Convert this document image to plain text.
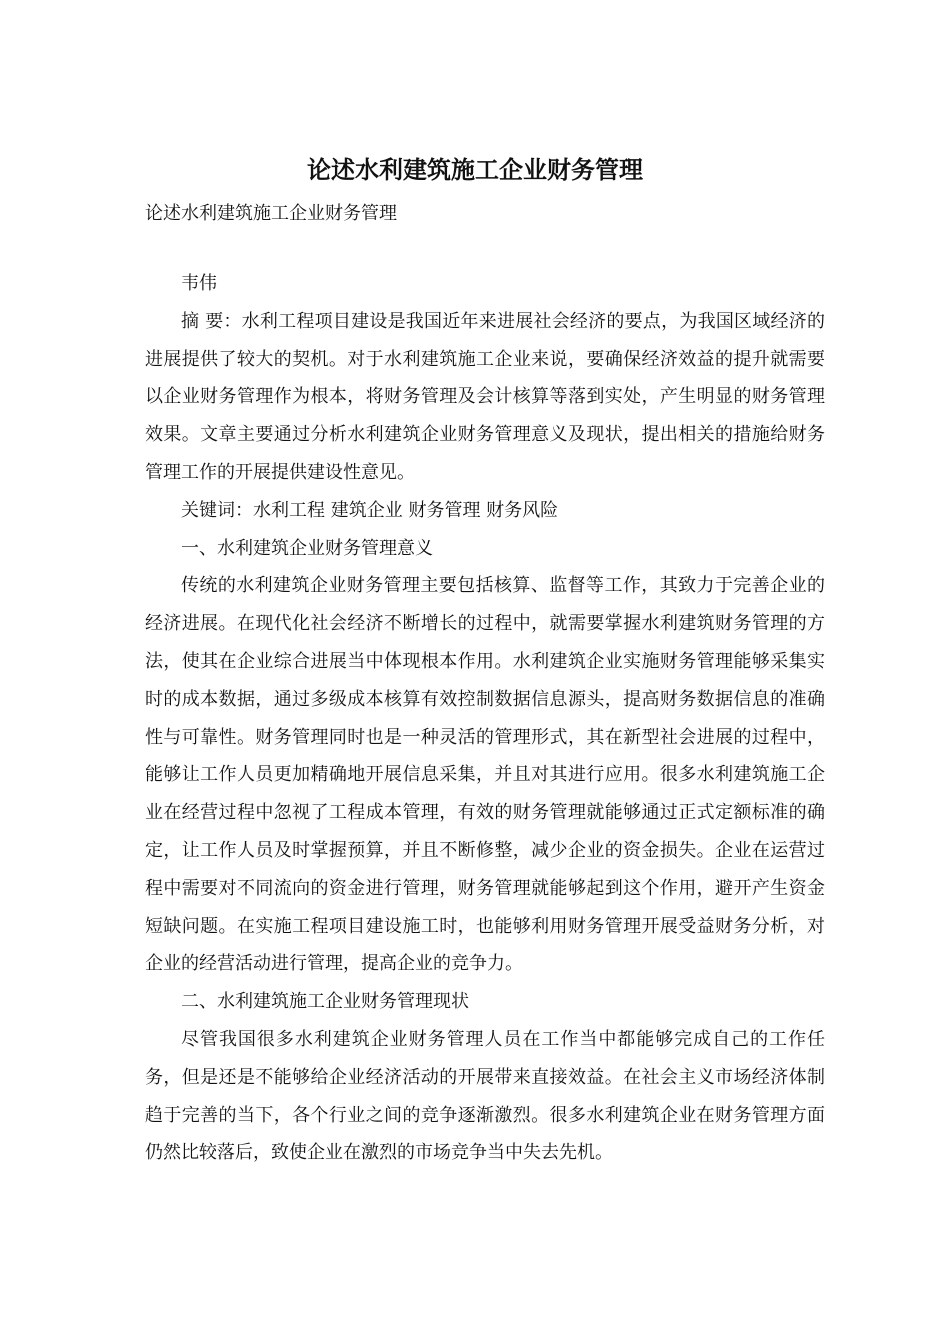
论述水利建筑施工企业财务管理
论述水利建筑施工企业财务管理

韦伟

摘 要：水利工程项目建设是我国近年来进展社会经济的要点，为我国区域经济的进展提供了较大的契机。对于水利建筑施工企业来说，要确保经济效益的提升就需要以企业财务管理作为根本，将财务管理及会计核算等落到实处，产生明显的财务管理效果。文章主要通过分析水利建筑企业财务管理意义及现状，提出相关的措施给财务管理工作的开展提供建设性意见。

关键词：水利工程 建筑企业 财务管理 财务风险

一、水利建筑企业财务管理意义

传统的水利建筑企业财务管理主要包括核算、监督等工作，其致力于完善企业的经济进展。在现代化社会经济不断增长的过程中，就需要掌握水利建筑财务管理的方法，使其在企业综合进展当中体现根本作用。水利建筑企业实施财务管理能够采集实时的成本数据，通过多级成本核算有效控制数据信息源头，提高财务数据信息的准确性与可靠性。财务管理同时也是一种灵活的管理形式，其在新型社会进展的过程中，能够让工作人员更加精确地开展信息采集，并且对其进行应用。很多水利建筑施工企业在经营过程中忽视了工程成本管理，有效的财务管理就能够通过正式定额标准的确定，让工作人员及时掌握预算，并且不断修整，减少企业的资金损失。企业在运营过程中需要对不同流向的资金进行管理，财务管理就能够起到这个作用，避开产生资金短缺问题。在实施工程项目建设施工时，也能够利用财务管理开展受益财务分析，对企业的经营活动进行管理，提高企业的竞争力。

二、水利建筑施工企业财务管理现状

尽管我国很多水利建筑企业财务管理人员在工作当中都能够完成自己的工作任务，但是还是不能够给企业经济活动的开展带来直接效益。在社会主义市场经济体制趋于完善的当下，各个行业之间的竞争逐渐激烈。很多水利建筑企业在财务管理方面仍然比较落后，致使企业在激烈的市场竞争当中失去先机。
